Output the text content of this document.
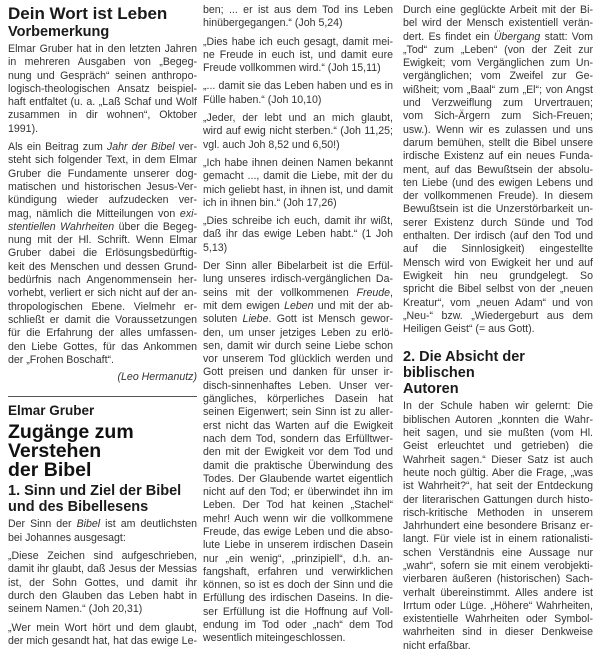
Dein Wort ist Leben
Vorbemerkung
Elmar Gruber hat in den letzten Jahren
in mehreren Ausgaben von „Begeg-
nung und Gespräch“ seinen anthropo-
logisch-theologischen Ansatz beispiel-
haft entfaltet (u. a. „Laß Schaf und Wolf
zusammen in dir wohnen“, Oktober
1991).
Als ein Beitrag zum Jahr der Bibel ver-
steht sich folgender Text, in dem Elmar
Gruber die Fundamente unserer dog-
matischen und historischen Jesus-Ver-
kündigung wieder aufzudecken ver-
mag, nämlich die Mitteilungen von exi-
stentiellen Wahrheiten über die Begeg-
nung mit der Hl. Schrift. Wenn Elmar
Gruber dabei die Erlösungsbedürftig-
keit des Menschen und dessen Grund-
bedürfnis nach Angenommensein her-
vorhebt, verliert er sich nicht auf der an-
thropologischen Ebene. Vielmehr er-
schließt er damit die Voraussetzungen
für die Erfahrung der alles umfassen-
den Liebe Gottes, für das Ankommen
der „Frohen Boschaft“.
(Leo Hermanutz)
Elmar Gruber
Zugänge zum Verstehen
der Bibel
1. Sinn und Ziel der Bibel
und des Bibellesens
Der Sinn der Bibel ist am deutlichsten
bei Johannes ausgesagt:
„Diese Zeichen sind aufgeschrieben,
damit ihr glaubt, daß Jesus der Messias
ist, der Sohn Gottes, und damit ihr
durch den Glauben das Leben habt in
seinem Namen.“ (Joh 20,31)
„Wer mein Wort hört und dem glaubt,
der mich gesandt hat, hat das ewige Le-
ben; ... er ist aus dem Tod ins Leben
hinübergegangen.“ (Joh 5,24)
„Dies habe ich euch gesagt, damit mei-
ne Freude in euch ist, und damit eure
Freude vollkommen wird.“ (Joh 15,11)
„... damit sie das Leben haben und es in
Fülle haben.“ (Joh 10,10)
„Jeder, der lebt und an mich glaubt,
wird auf ewig nicht sterben.“ (Joh 11,25;
vgl. auch Joh 8,52 und 6,50!)
„Ich habe ihnen deinen Namen bekannt
gemacht ..., damit die Liebe, mit der du
mich geliebt hast, in ihnen ist, und damit
ich in ihnen bin.“ (Joh 17,26)
„Dies schreibe ich euch, damit ihr wißt,
daß ihr das ewige Leben habt.“ (1 Joh
5,13)
Der Sinn aller Bibelarbeit ist die Erfül-
lung unseres irdisch-vergänglichen Da-
seins mit der vollkommenen Freude,
mit dem ewigen Leben und mit der ab-
soluten Liebe. Gott ist Mensch gewor-
den, um unser jetziges Leben zu erlö-
sen, damit wir durch seine Liebe schon
vor unserem Tod glücklich werden und
Gott preisen und danken für unser ir-
disch-sinnenhaftes Leben. Unser ver-
gängliches, körperliches Dasein hat
seinen Eigenwert; sein Sinn ist zu aller-
erst nicht das Warten auf die Ewigkeit
nach dem Tod, sondern das Erfülltwer-
den mit der Ewigkeit vor dem Tod und
damit die praktische Überwindung des
Todes. Der Glaubende wartet eigentlich
nicht auf den Tod; er überwindet ihn im
Leben. Der Tod hat keinen „Stachel“
mehr! Auch wenn wir die vollkommene
Freude, das ewige Leben und die abso-
lute Liebe in unserem irdischen Dasein
nur „ein wenig“, „prinzipiell“, d.h. an-
fangshaft, erfahren und verwirklichen
können, so ist es doch der Sinn und die
Erfüllung des irdischen Daseins. In die-
ser Erfüllung ist die Hoffnung auf Voll-
endung im Tod oder „nach“ dem Tod
wesentlich miteingeschlossen.
Durch eine geglückte Arbeit mit der Bi-
bel wird der Mensch existentiell verän-
dert. Es findet ein Übergang statt: Vom
„Tod“ zum „Leben“ (von der Zeit zur
Ewigkeit; vom Vergänglichen zum Un-
vergänglichen; vom Zweifel zur Ge-
wißheit; vom „Baal“ zum „El“; von Angst
und Verzweiflung zum Urvertrauen;
vom Sich-Ärgern zum Sich-Freuen;
usw.). Wenn wir es zulassen und uns
darum bemühen, stellt die Bibel unsere
irdische Existenz auf ein neues Funda-
ment, auf das Bewußtsein der absolu-
ten Liebe (und des ewigen Lebens und
der vollkommenen Freude). In diesem
Bewußtsein ist die Unzerstörbarkeit un-
serer Existenz durch Sünde und Tod
enthalten. Der irdisch (auf den Tod und
auf die Sinnlosigkeit) eingestellte
Mensch wird von Ewigkeit her und auf
Ewigkeit hin neu grundgelegt. So
spricht die Bibel selbst von der „neuen
Kreatur“, vom „neuen Adam“ und von
„Neu-“ bzw. „Wiedergeburt aus dem
Heiligen Geist“ (= aus Gott).
2. Die Absicht der biblischen
Autoren
In der Schule haben wir gelernt: Die
biblischen Autoren „konnten die Wahr-
heit sagen, und sie mußten (vom Hl.
Geist erleuchtet und getrieben) die
Wahrheit sagen.“ Dieser Satz ist auch
heute noch gültig. Aber die Frage, „was
ist Wahrheit?“, hat seit der Entdeckung
der literarischen Gattungen durch histo-
risch-kritische Methoden in unserem
Jahrhundert eine besondere Brisanz er-
langt. Für viele ist in einem rationalisti-
schen Verständnis eine Aussage nur
„wahr“, sofern sie mit einem verobjekti-
vierbaren äußeren (historischen) Sach-
verhalt übereinstimmt. Alles andere ist
Irrtum oder Lüge. „Höhere“ Wahrheiten,
existentielle Wahrheiten oder Symbol-
wahrheiten sind in dieser Denkweise
nicht erfaßbar.
